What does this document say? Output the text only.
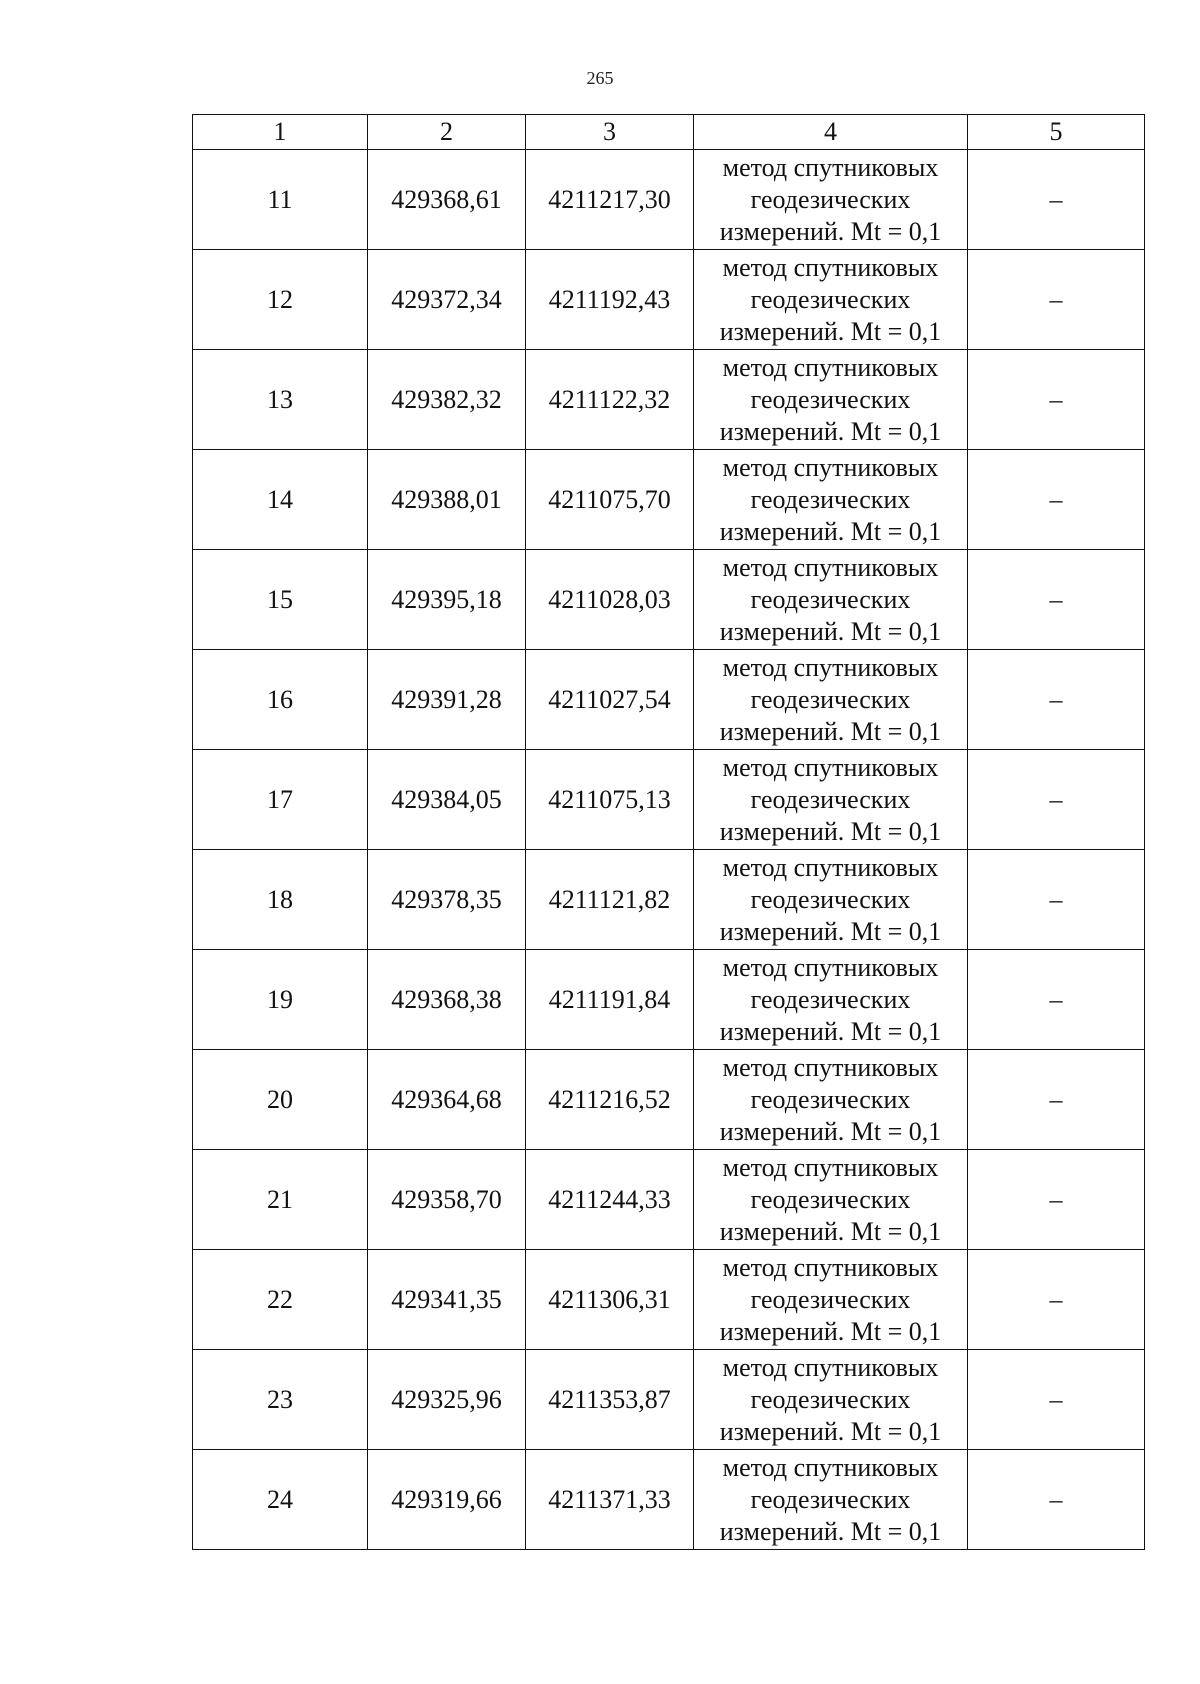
265
1	2	3	4	5
11	429368,61	4211217,30	метод спутниковых
геодезических
измерений. Mt = 0,1	–
12	429372,34	4211192,43	метод спутниковых
геодезических
измерений. Mt = 0,1	–
13	429382,32	4211122,32	метод спутниковых
геодезических
измерений. Mt = 0,1	–
14	429388,01	4211075,70	метод спутниковых
геодезических
измерений. Mt = 0,1	–
15	429395,18	4211028,03	метод спутниковых
геодезических
измерений. Mt = 0,1	–
16	429391,28	4211027,54	метод спутниковых
геодезических
измерений. Mt = 0,1	–
17	429384,05	4211075,13	метод спутниковых
геодезических
измерений. Mt = 0,1	–
18	429378,35	4211121,82	метод спутниковых
геодезических
измерений. Mt = 0,1	–
19	429368,38	4211191,84	метод спутниковых
геодезических
измерений. Mt = 0,1	–
20	429364,68	4211216,52	метод спутниковых
геодезических
измерений. Mt = 0,1	–
21	429358,70	4211244,33	метод спутниковых
геодезических
измерений. Mt = 0,1	–
22	429341,35	4211306,31	метод спутниковых
геодезических
измерений. Mt = 0,1	–
23	429325,96	4211353,87	метод спутниковых
геодезических
измерений. Mt = 0,1	–
24	429319,66	4211371,33	метод спутниковых
геодезических
измерений. Mt = 0,1	–
